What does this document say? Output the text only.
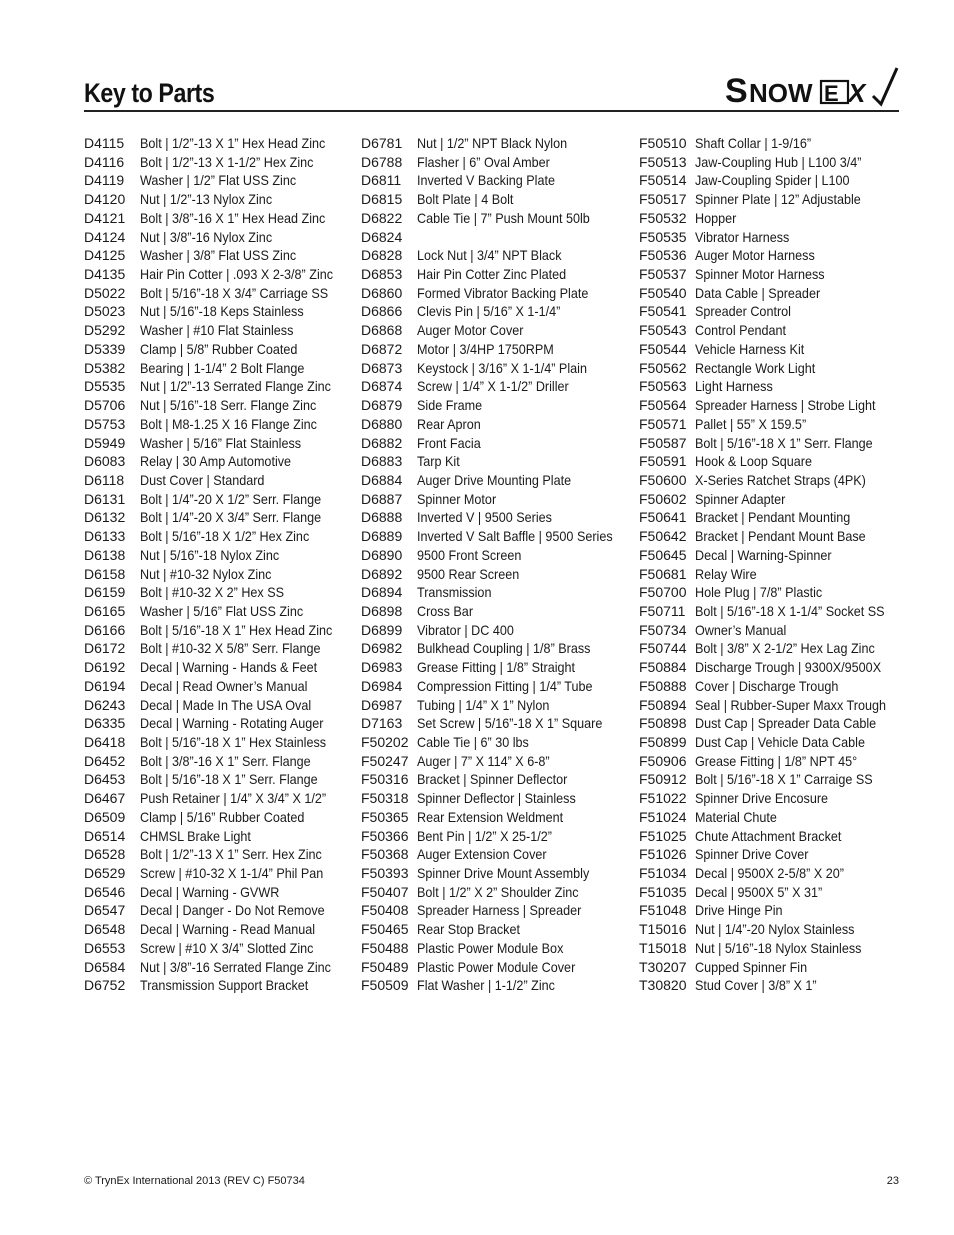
Key to Parts	S NOW E X
D4115	Bolt | 1/2”-13 X 1” Hex Head Zinc
D4116	Bolt | 1/2”-13 X 1-1/2” Hex Zinc
D4119	Washer | 1/2” Flat USS Zinc
D4120	Nut | 1/2”-13 Nylox Zinc
D4121	Bolt | 3/8”-16 X 1” Hex Head Zinc
D4124	Nut | 3/8”-16 Nylox Zinc
D4125	Washer | 3/8” Flat USS Zinc
D4135	Hair Pin Cotter | .093 X 2-3/8” Zinc
D5022	Bolt | 5/16”-18 X 3/4” Carriage SS
D5023	Nut | 5/16”-18 Keps Stainless
D5292	Washer | #10 Flat Stainless
D5339	Clamp | 5/8” Rubber Coated
D5382	Bearing | 1-1/4” 2 Bolt Flange
D5535	Nut | 1/2”-13 Serrated Flange Zinc
D5706	Nut | 5/16”-18 Serr. Flange Zinc
D5753	Bolt | M8-1.25 X 16 Flange Zinc
D5949	Washer | 5/16” Flat Stainless
D6083	Relay | 30 Amp Automotive
D6118	Dust Cover | Standard
D6131	Bolt | 1/4”-20 X 1/2” Serr. Flange
D6132	Bolt | 1/4”-20 X 3/4” Serr. Flange
D6133	Bolt | 5/16”-18 X 1/2” Hex Zinc
D6138	Nut | 5/16”-18 Nylox Zinc
D6158	Nut | #10-32 Nylox Zinc
D6159	Bolt | #10-32 X 2” Hex SS
D6165	Washer | 5/16” Flat USS Zinc
D6166	Bolt | 5/16”-18 X 1” Hex Head Zinc
D6172	Bolt | #10-32 X 5/8” Serr. Flange
D6192	Decal | Warning - Hands & Feet
D6194	Decal | Read Owner’s Manual
D6243	Decal | Made In The USA Oval
D6335	Decal | Warning - Rotating Auger
D6418	Bolt | 5/16”-18 X 1” Hex Stainless
D6452	Bolt | 3/8”-16 X 1” Serr. Flange
D6453	Bolt | 5/16”-18 X 1” Serr. Flange
D6467	Push Retainer | 1/4” X 3/4” X 1/2”
D6509	Clamp | 5/16” Rubber Coated
D6514	CHMSL Brake Light
D6528	Bolt | 1/2”-13 X 1” Serr. Hex Zinc
D6529	Screw | #10-32 X 1-1/4” Phil Pan
D6546	Decal | Warning - GVWR
D6547	Decal | Danger - Do Not Remove
D6548	Decal | Warning - Read Manual
D6553	Screw | #10 X 3/4” Slotted Zinc
D6584	Nut | 3/8”-16 Serrated Flange Zinc
D6752	Transmission Support Bracket
D6781	Nut | 1/2” NPT Black Nylon
D6788	Flasher | 6” Oval Amber
D6811	Inverted V Backing Plate
D6815	Bolt Plate | 4 Bolt
D6822	Cable Tie | 7” Push Mount 50lb
D6824
D6828	Lock Nut | 3/4” NPT Black
D6853	Hair Pin Cotter Zinc Plated
D6860	Formed Vibrator Backing Plate
D6866	Clevis Pin | 5/16” X 1-1/4”
D6868	Auger Motor Cover
D6872	Motor | 3/4HP 1750RPM
D6873	Keystock | 3/16” X 1-1/4” Plain
D6874	Screw | 1/4” X 1-1/2” Driller
D6879	Side Frame
D6880	Rear Apron
D6882	Front Facia
D6883	Tarp Kit
D6884	Auger Drive Mounting Plate
D6887	Spinner Motor
D6888	Inverted V | 9500 Series
D6889	Inverted V Salt Baffle | 9500 Series
D6890	9500 Front Screen
D6892	9500 Rear Screen
D6894	Transmission
D6898	Cross Bar
D6899	Vibrator | DC 400
D6982	Bulkhead Coupling | 1/8” Brass
D6983	Grease Fitting | 1/8” Straight
D6984	Compression Fitting | 1/4” Tube
D6987	Tubing | 1/4” X 1” Nylon
D7163	Set Screw | 5/16”-18 X 1” Square
F50202 Cable Tie | 6” 30 lbs
F50247 Auger | 7” X 114” X 6-8”
F50316 Bracket | Spinner Deflector
F50318 Spinner Deflector | Stainless
F50365 Rear Extension Weldment
F50366 Bent Pin | 1/2” X 25-1/2”
F50368 Auger Extension Cover
F50393 Spinner Drive Mount Assembly
F50407 Bolt | 1/2” X 2” Shoulder Zinc
F50408 Spreader Harness | Spreader
F50465 Rear Stop Bracket
F50488 Plastic Power Module Box
F50489 Plastic Power Module Cover
F50509 Flat Washer | 1-1/2” Zinc
F50510 Shaft Collar | 1-9/16”
F50513 Jaw-Coupling Hub | L100 3/4”
F50514 Jaw-Coupling Spider | L100
F50517 Spinner Plate | 12” Adjustable
F50532 Hopper
F50535 Vibrator Harness
F50536 Auger Motor Harness
F50537 Spinner Motor Harness
F50540 Data Cable | Spreader
F50541 Spreader Control
F50543 Control Pendant
F50544 Vehicle Harness Kit
F50562 Rectangle Work Light
F50563 Light Harness
F50564 Spreader Harness | Strobe Light
F50571 Pallet | 55” X 159.5”
F50587 Bolt | 5/16”-18 X 1” Serr. Flange
F50591 Hook & Loop Square
F50600 X-Series Ratchet Straps (4PK)
F50602 Spinner Adapter
F50641 Bracket | Pendant Mounting
F50642 Bracket | Pendant Mount Base
F50645 Decal | Warning-Spinner
F50681 Relay Wire
F50700 Hole Plug | 7/8” Plastic
F50711 Bolt | 5/16”-18 X 1-1/4” Socket SS
F50734 Owner’s Manual
F50744 Bolt | 3/8” X 2-1/2” Hex Lag Zinc
F50884 Discharge Trough | 9300X/9500X
F50888 Cover | Discharge Trough
F50894 Seal | Rubber-Super Maxx Trough
F50898 Dust Cap | Spreader Data Cable
F50899 Dust Cap | Vehicle Data Cable
F50906 Grease Fitting | 1/8” NPT 45°
F50912 Bolt | 5/16”-18 X 1” Carraige SS
F51022 Spinner Drive Encosure
F51024 Material Chute
F51025 Chute Attachment Bracket
F51026 Spinner Drive Cover
F51034 Decal | 9500X 2-5/8” X 20”
F51035 Decal | 9500X 5” X 31”
F51048 Drive Hinge Pin
T15016 Nut | 1/4”-20 Nylox Stainless
T15018 Nut | 5/16”-18 Nylox Stainless
T30207 Cupped Spinner Fin
T30820 Stud Cover | 3/8” X 1”
© TrynEx International 2013 (REV C) F50734	23
